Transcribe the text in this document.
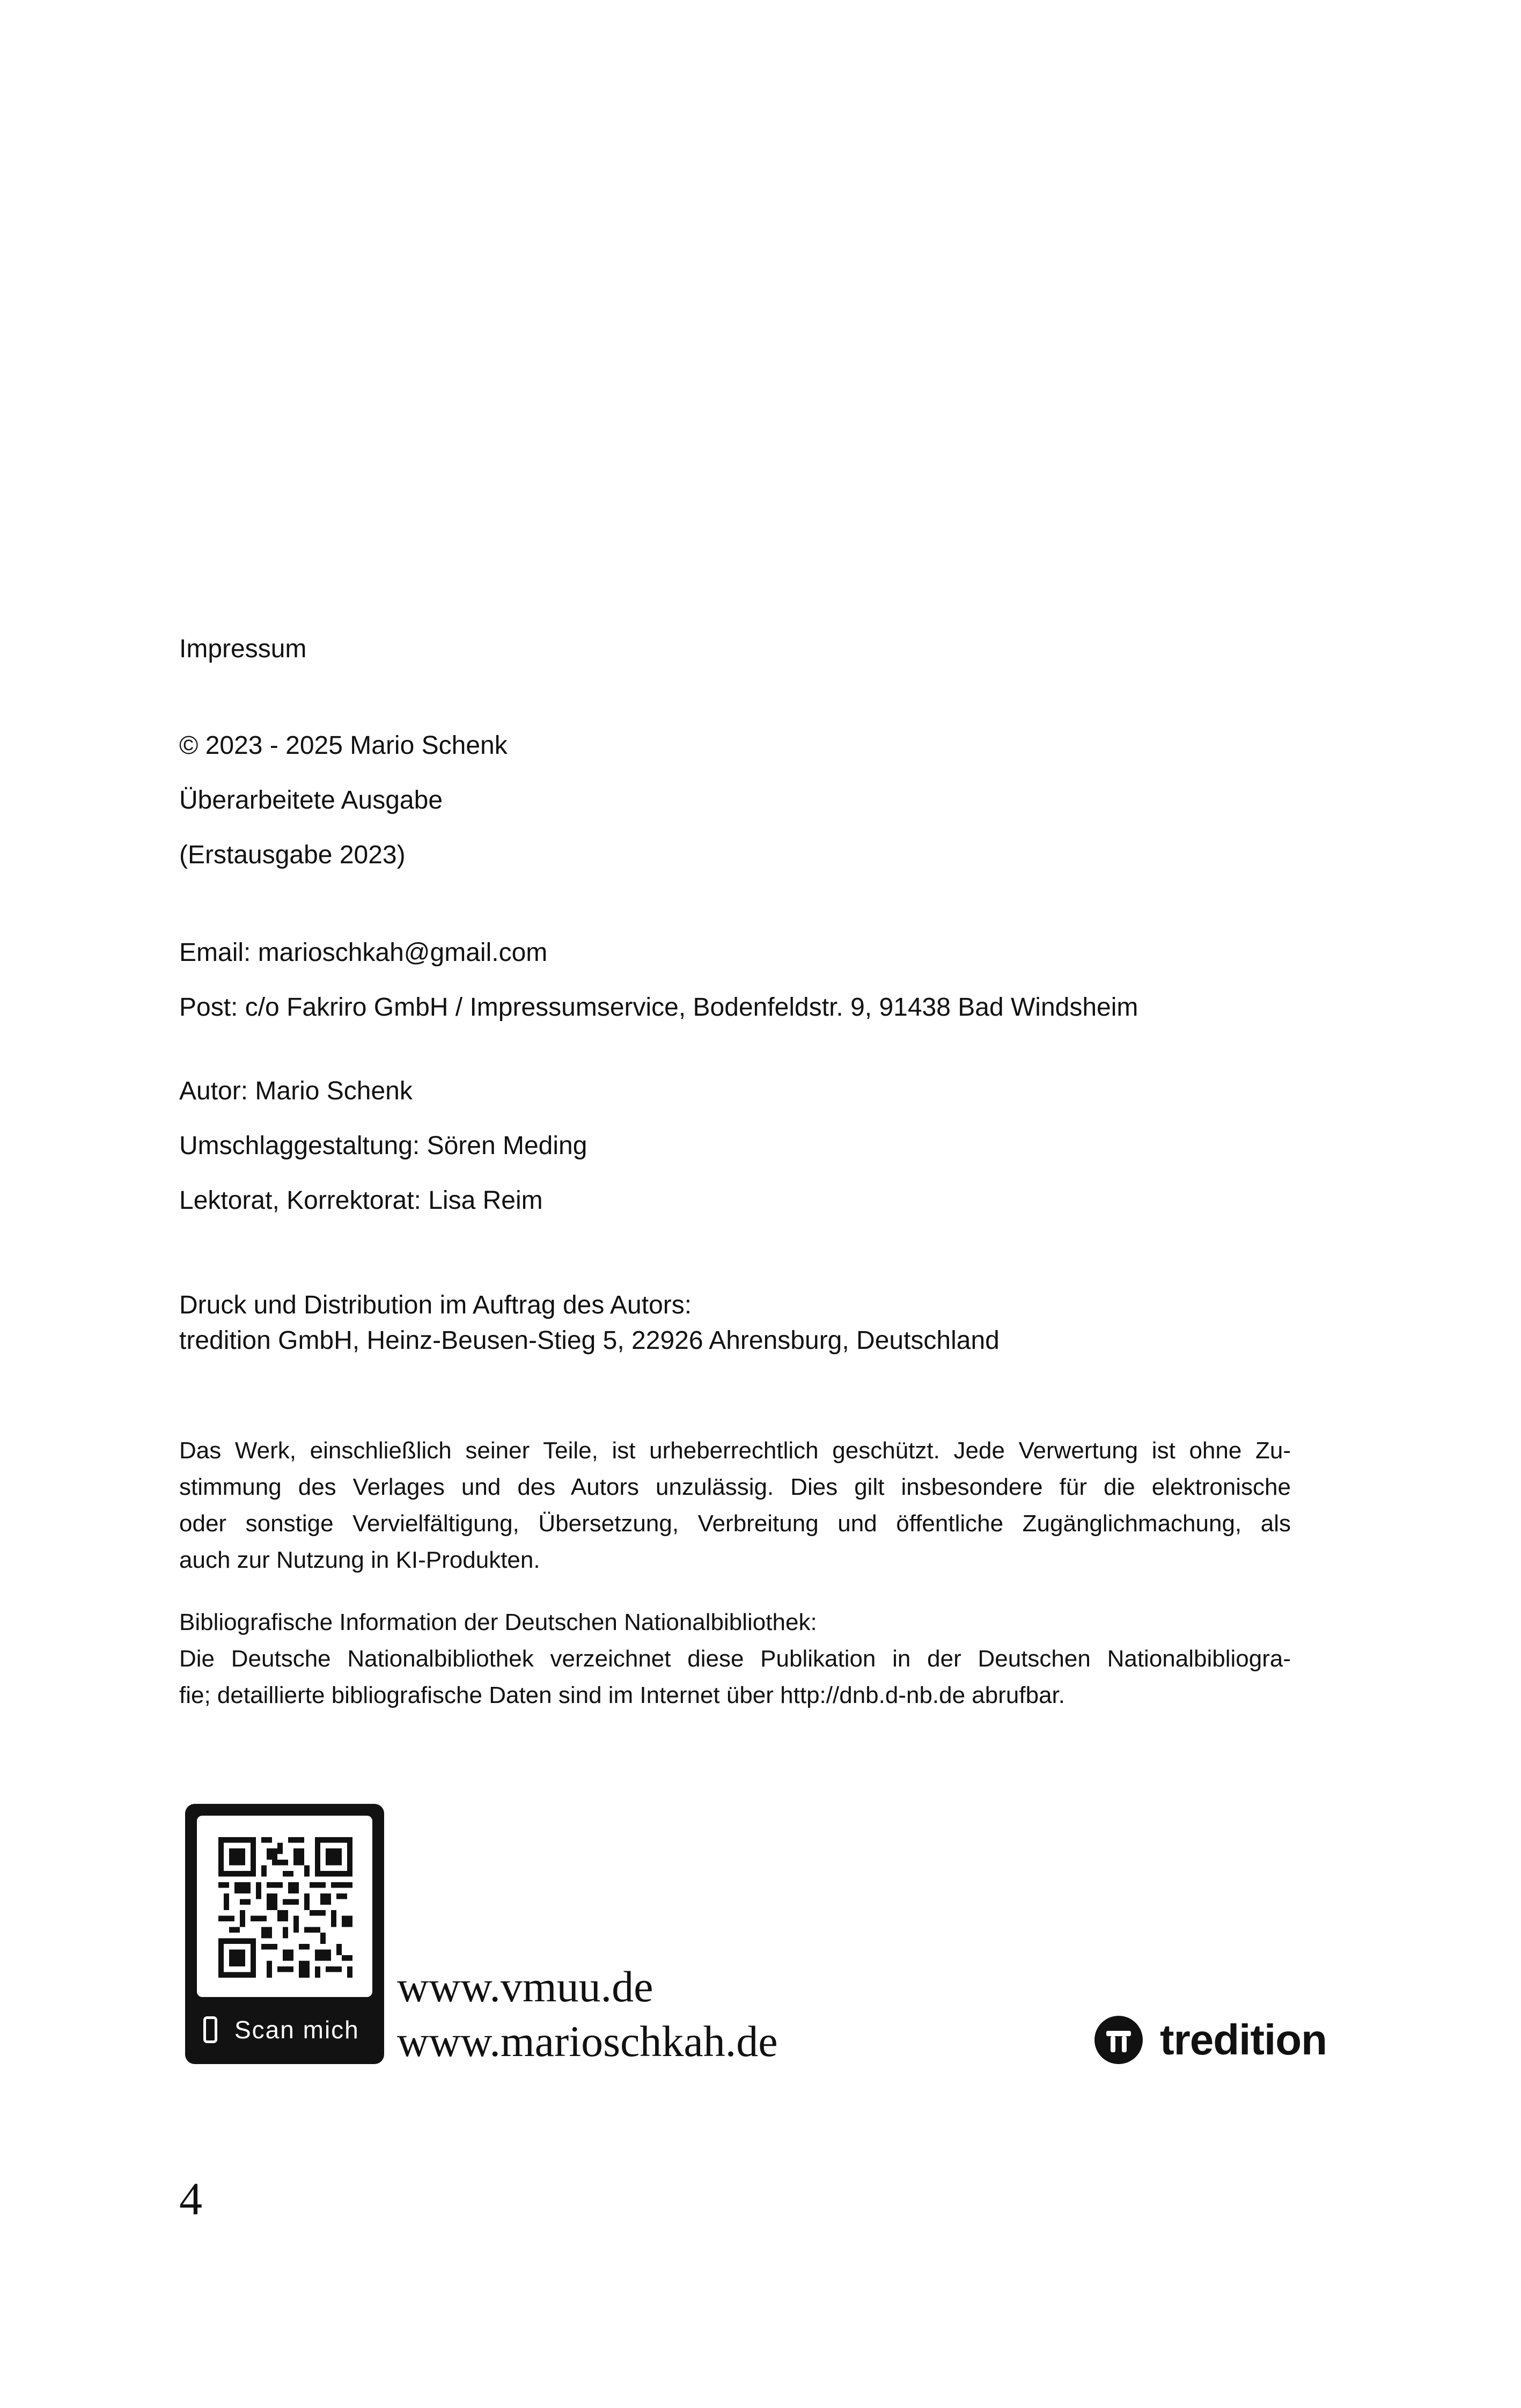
Impressum

© 2023 - 2025 Mario Schenk

Überarbeitete Ausgabe

(Erstausgabe 2023)

Email: marioschkah@gmail.com

Post: c/o Fakriro GmbH / Impressumservice, Bodenfeldstr. 9, 91438 Bad Windsheim

Autor: Mario Schenk

Umschlaggestaltung: Sören Meding

Lektorat, Korrektorat: Lisa Reim

Druck und Distribution im Auftrag des Autors:
tredition GmbH, Heinz-Beusen-Stieg 5, 22926 Ahrensburg, Deutschland
Das Werk, einschließlich seiner Teile, ist urheberrechtlich geschützt. Jede Verwertung ist ohne Zu-
stimmung des Verlages und des Autors unzulässig. Dies gilt insbesondere für die elektronische
oder sonstige Vervielfältigung, Übersetzung, Verbreitung und öffentliche Zugänglichmachung, als
auch zur Nutzung in KI-Produkten.
Bibliografische Information der Deutschen Nationalbibliothek:
Die Deutsche Nationalbibliothek verzeichnet diese Publikation in der Deutschen Nationalbibliogra-
fie; detaillierte bibliografische Daten sind im Internet über http://dnb.d-nb.de abrufbar.
Scan mich
www.vmuu.de
www.marioschkah.de	tredition
4
